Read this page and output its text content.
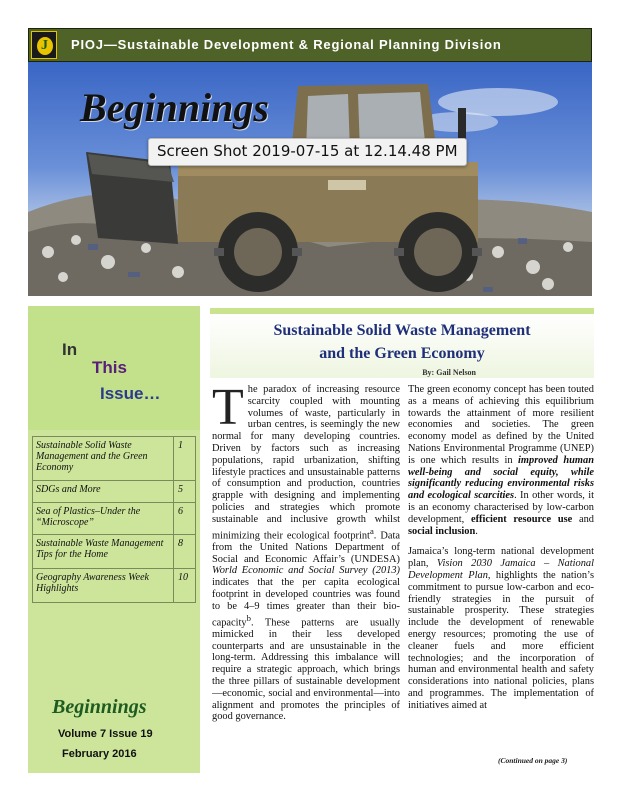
J PIOJ—Sustainable Development & Regional Planning Division
Beginnings
Screen Shot 2019-07-15 at 12.14.48 PM
In
This
Issue…
Sustainable Solid Waste Management and the Green Economy	1
SDGs and More	5
Sea of Plastics–Under the “Microscope”	6
Sustainable Waste Management Tips for the Home	8
Geography Awareness Week Highlights	10
Beginnings
Volume 7 Issue 19
February 2016
Sustainable Solid Waste Management
and the Green Economy
By: Gail Nelson

The paradox of increasing resource scarcity coupled with mounting volumes of waste, particularly in urban centres, is seemingly the new normal for many developing countries. Driven by factors such as increasing populations, rapid urbanization, shifting lifestyle practices and unsustainable patterns of consumption and production, countries grapple with designing and implementing policies and strategies which promote sustainable and inclusive growth whilst minimizing their ecological footprint$^a$. Data from the United Nations Department of Social and Economic Affair’s (UNDESA) World Economic and Social Survey (2013) indicates that the per capita ecological footprint in developed countries was found to be 4–9 times greater than their bio-capacity$^b$. These patterns are usually mimicked in their less developed counterparts and are unsustainable in the long-term. Addressing this imbalance will require a strategic approach, which brings the three pillars of sustainable development—economic, social and environmental—into alignment and promotes the principles of good governance.

The green economy concept has been touted as a means of achieving this equilibrium towards the attainment of more resilient economies and societies. The green economy model as defined by the United Nations Environmental Programme (UNEP) is one which results in improved human well-being and social equity, while significantly reducing environmental risks and ecological scarcities. In other words, it is an economy characterised by low-carbon development, efficient resource use and social inclusion.

Jamaica’s long-term national development plan, Vision 2030 Jamaica – National Development Plan, highlights the nation’s commitment to pursue low-carbon and eco-friendly strategies in the pursuit of sustainable prosperity. These strategies include the development of renewable energy resources; promoting the use of cleaner fuels and more efficient technologies; and the incorporation of human and environmental health and safety considerations into national policies, plans and programmes. The implementation of initiatives aimed at

(Continued on page 3)
